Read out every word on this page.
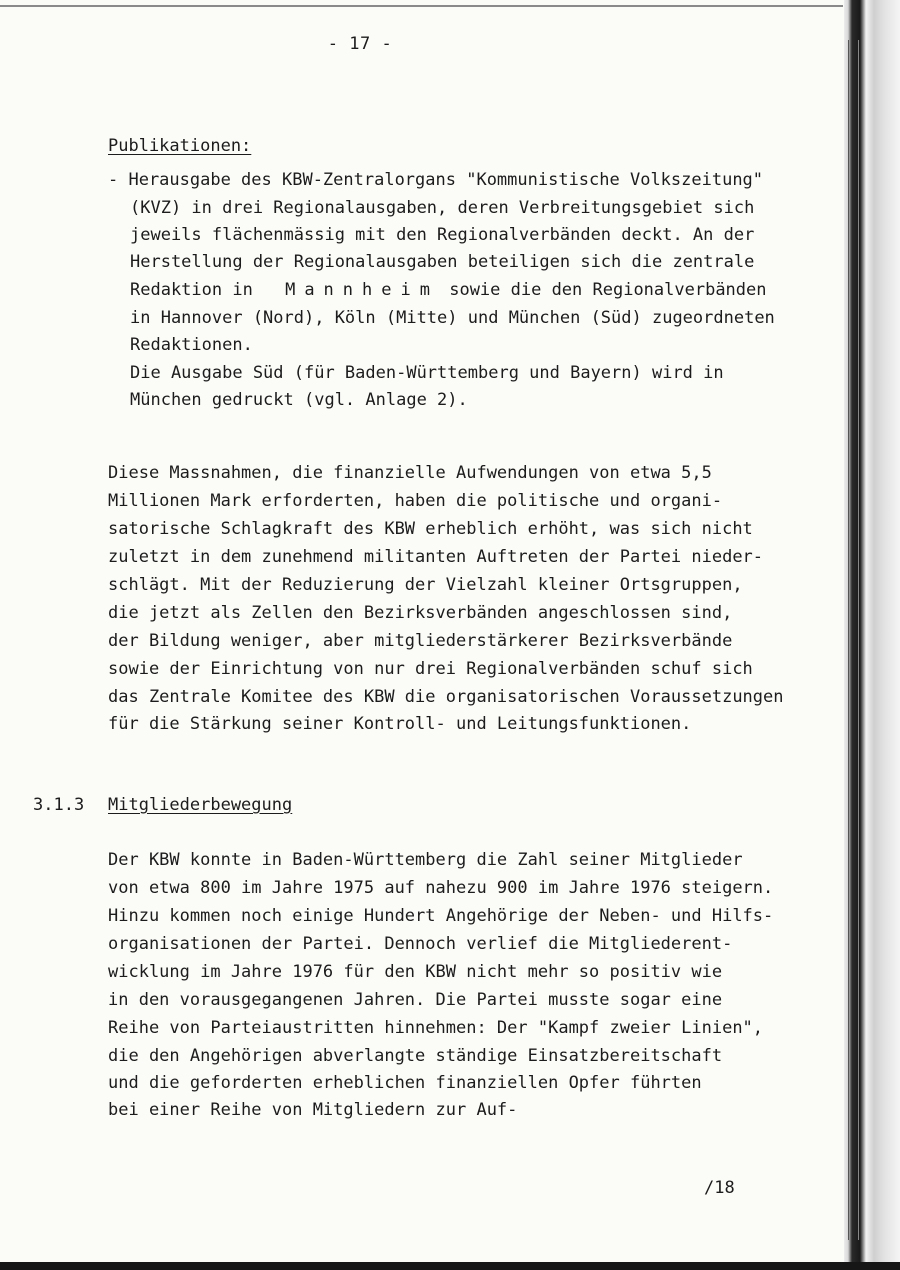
- 17 -
Publikationen:
- Herausgabe des KBW-Zentralorgans "Kommunistische Volkszeitung"
(KVZ) in drei Regionalausgaben, deren Verbreitungsgebiet sich
jeweils flächenmässig mit den Regionalverbänden deckt. An der
Herstellung der Regionalausgaben beteiligen sich die zentrale
Redaktion in Mannheim sowie die den Regionalverbänden
in Hannover (Nord), Köln (Mitte) und München (Süd) zugeordneten
Redaktionen.
Die Ausgabe Süd (für Baden-Württemberg und Bayern) wird in
München gedruckt (vgl. Anlage 2).
Diese Massnahmen, die finanzielle Aufwendungen von etwa 5,5
Millionen Mark erforderten, haben die politische und organi-
satorische Schlagkraft des KBW erheblich erhöht, was sich nicht
zuletzt in dem zunehmend militanten Auftreten der Partei nieder-
schlägt. Mit der Reduzierung der Vielzahl kleiner Ortsgruppen,
die jetzt als Zellen den Bezirksverbänden angeschlossen sind,
der Bildung weniger, aber mitgliederstärkerer Bezirksverbände
sowie der Einrichtung von nur drei Regionalverbänden schuf sich
das Zentrale Komitee des KBW die organisatorischen Voraussetzungen
für die Stärkung seiner Kontroll- und Leitungsfunktionen.
3.1.3 Mitgliederbewegung
Der KBW konnte in Baden-Württemberg die Zahl seiner Mitglieder
von etwa 800 im Jahre 1975 auf nahezu 900 im Jahre 1976 steigern.
Hinzu kommen noch einige Hundert Angehörige der Neben- und Hilfs-
organisationen der Partei. Dennoch verlief die Mitgliederent-
wicklung im Jahre 1976 für den KBW nicht mehr so positiv wie
in den vorausgegangenen Jahren. Die Partei musste sogar eine
Reihe von Parteiaustritten hinnehmen: Der "Kampf zweier Linien",
die den Angehörigen abverlangte ständige Einsatzbereitschaft
und die geforderten erheblichen finanziellen Opfer führten
bei einer Reihe von Mitgliedern zur Auf-
/18
